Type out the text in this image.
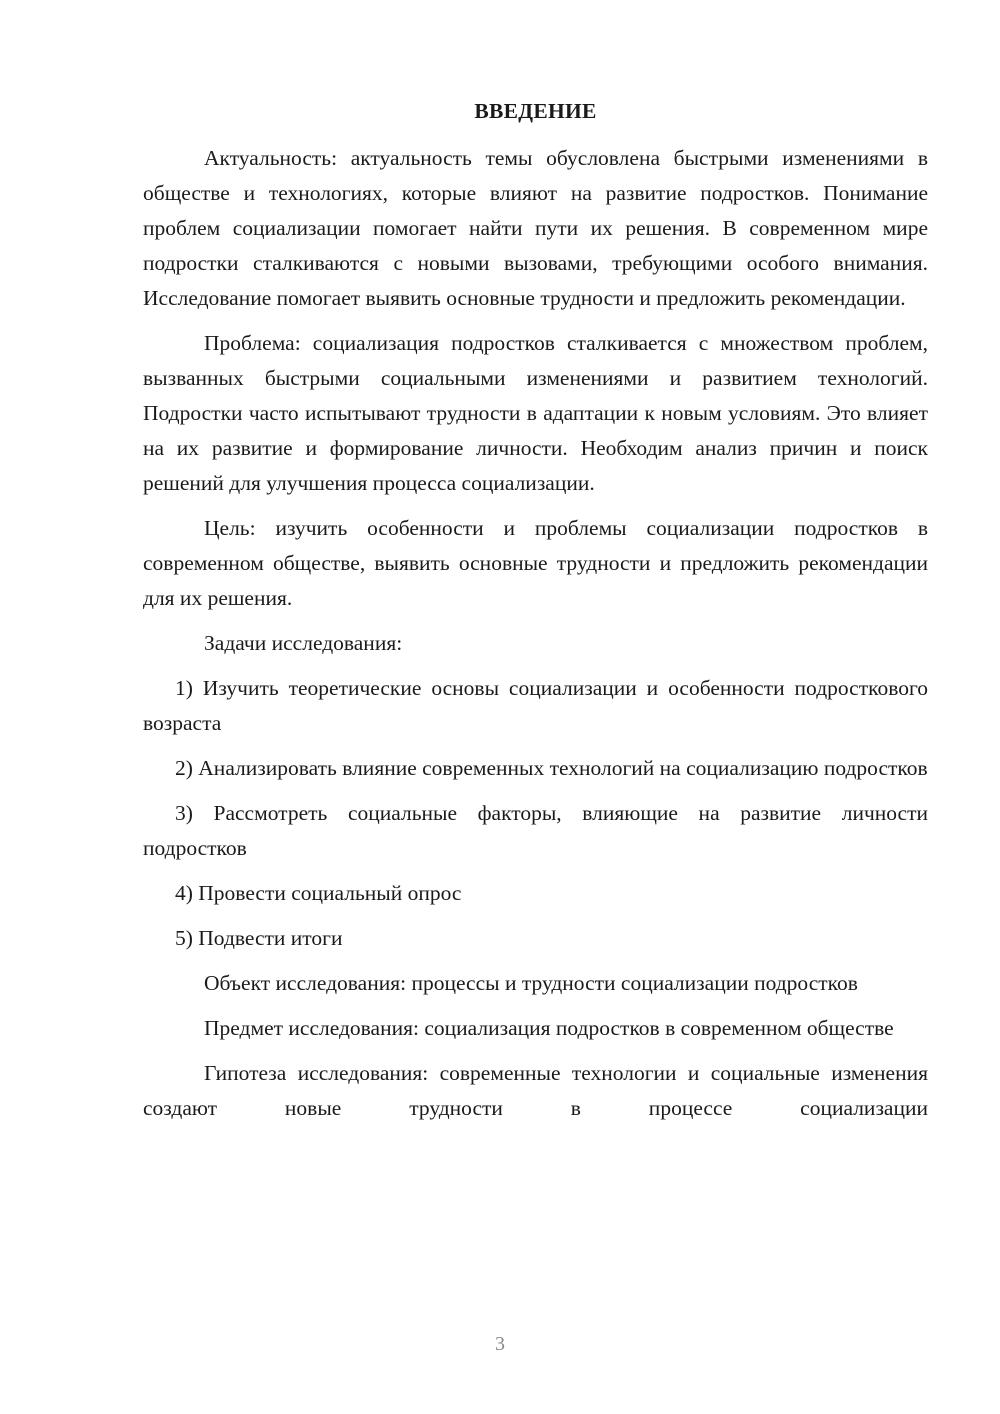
ВВЕДЕНИЕ

Актуальность: актуальность темы обусловлена быстрыми изменениями в обществе и технологиях, которые влияют на развитие подростков. Понимание проблем социализации помогает найти пути их решения. В современном мире подростки сталкиваются с новыми вызовами, требующими особого внимания. Исследование помогает выявить основные трудности и предложить рекомендации.

Проблема: социализация подростков сталкивается с множеством проблем, вызванных быстрыми социальными изменениями и развитием технологий. Подростки часто испытывают трудности в адаптации к новым условиям. Это влияет на их развитие и формирование личности. Необходим анализ причин и поиск решений для улучшения процесса социализации.

Цель: изучить особенности и проблемы социализации подростков в современном обществе, выявить основные трудности и предложить рекомендации для их решения.

Задачи исследования:

1) Изучить теоретические основы социализации и особенности подросткового возраста

2) Анализировать влияние современных технологий на социализацию подростков

3) Рассмотреть социальные факторы, влияющие на развитие личности подростков

4) Провести социальный опрос

5) Подвести итоги

Объект исследования: процессы и трудности социализации подростков

Предмет исследования: социализация подростков в современном обществе

Гипотеза исследования: современные технологии и социальные изменения создают новые трудности в процессе социализации

3
